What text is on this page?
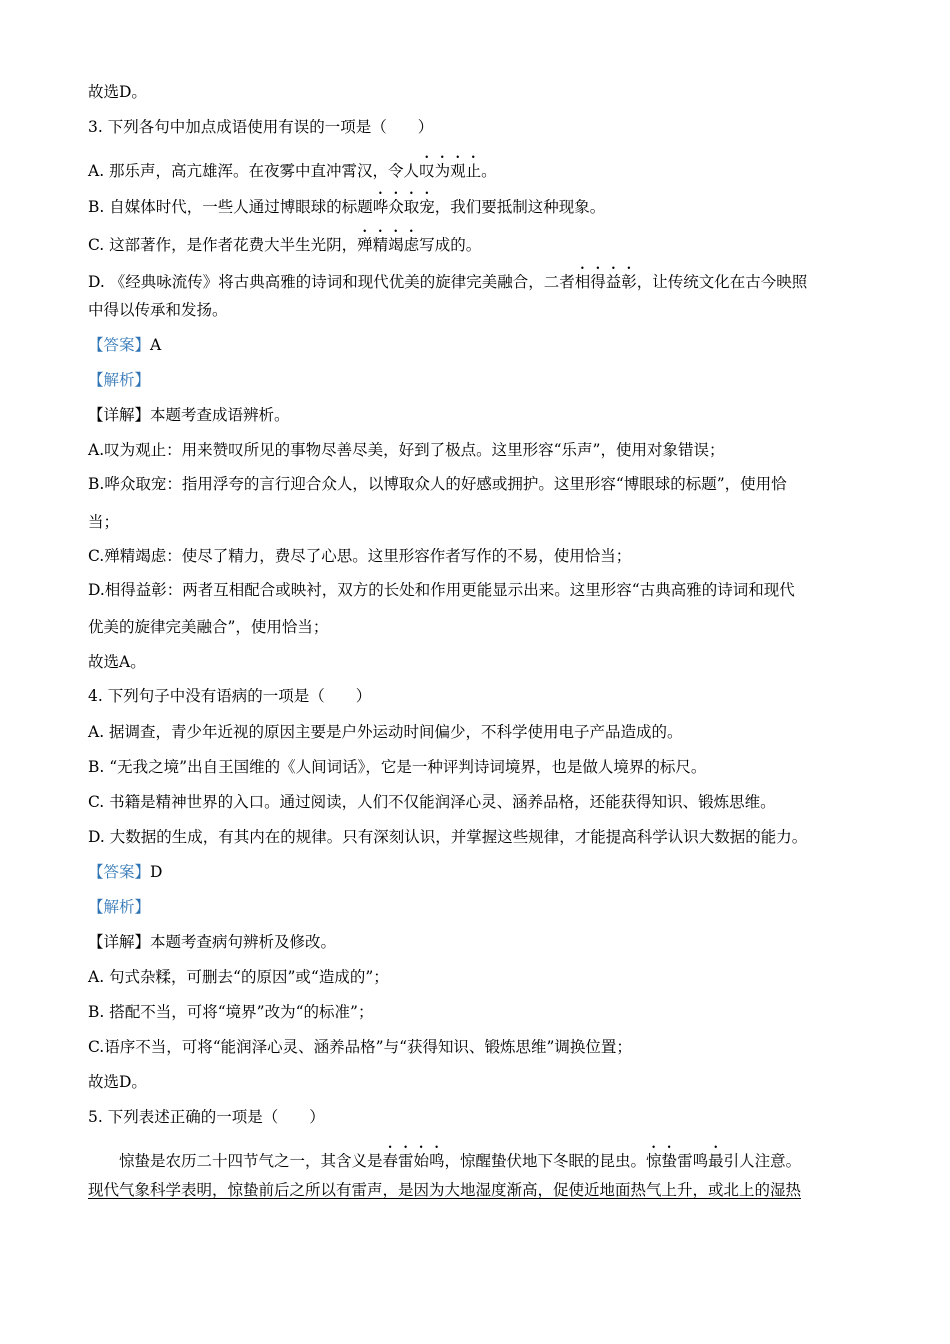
故选D。
3. 下列各句中加点成语使用有误的一项是（　　）
A. 那乐声，高亢雄浑。在夜雾中直冲霄汉，令人叹为观止。
B. 自媒体时代，一些人通过博眼球的标题哗众取宠，我们要抵制这种现象。
C. 这部著作，是作者花费大半生光阴，殚精竭虑写成的。
D. 《经典咏流传》将古典高雅的诗词和现代优美的旋律完美融合，二者相得益彰，让传统文化在古今映照
中得以传承和发扬。
【答案】A
【解析】
【详解】本题考查成语辨析。
A.叹为观止：用来赞叹所见的事物尽善尽美，好到了极点。这里形容“乐声”，使用对象错误；
B.哗众取宠：指用浮夸的言行迎合众人，以博取众人的好感或拥护。这里形容“博眼球的标题”，使用恰
当；
C.殚精竭虑：使尽了精力，费尽了心思。这里形容作者写作的不易，使用恰当；
D.相得益彰：两者互相配合或映衬，双方的长处和作用更能显示出来。这里形容“古典高雅的诗词和现代
优美的旋律完美融合”，使用恰当；
故选A。
4. 下列句子中没有语病的一项是（　　）
A. 据调查，青少年近视的原因主要是户外运动时间偏少，不科学使用电子产品造成的。
B. “无我之境”出自王国维的《人间词话》，它是一种评判诗词境界，也是做人境界的标尺。
C. 书籍是精神世界的入口。通过阅读，人们不仅能润泽心灵、涵养品格，还能获得知识、锻炼思维。
D. 大数据的生成，有其内在的规律。只有深刻认识，并掌握这些规律，才能提高科学认识大数据的能力。
【答案】D
【解析】
【详解】本题考查病句辨析及修改。
A. 句式杂糅，可删去“的原因”或“造成的”；
B. 搭配不当，可将“境界”改为“的标准”；
C.语序不当，可将“能润泽心灵、涵养品格”与“获得知识、锻炼思维”调换位置；
故选D。
5. 下列表述正确的一项是（　　）
　　惊蛰是农历二十四节气之一，其含义是春雷始鸣，惊醒蛰伏地下冬眠的昆虫。惊蛰雷鸣最引人注意。
现代气象科学表明，惊蛰前后之所以有雷声，是因为大地湿度渐高，促使近地面热气上升，或北上的湿热
